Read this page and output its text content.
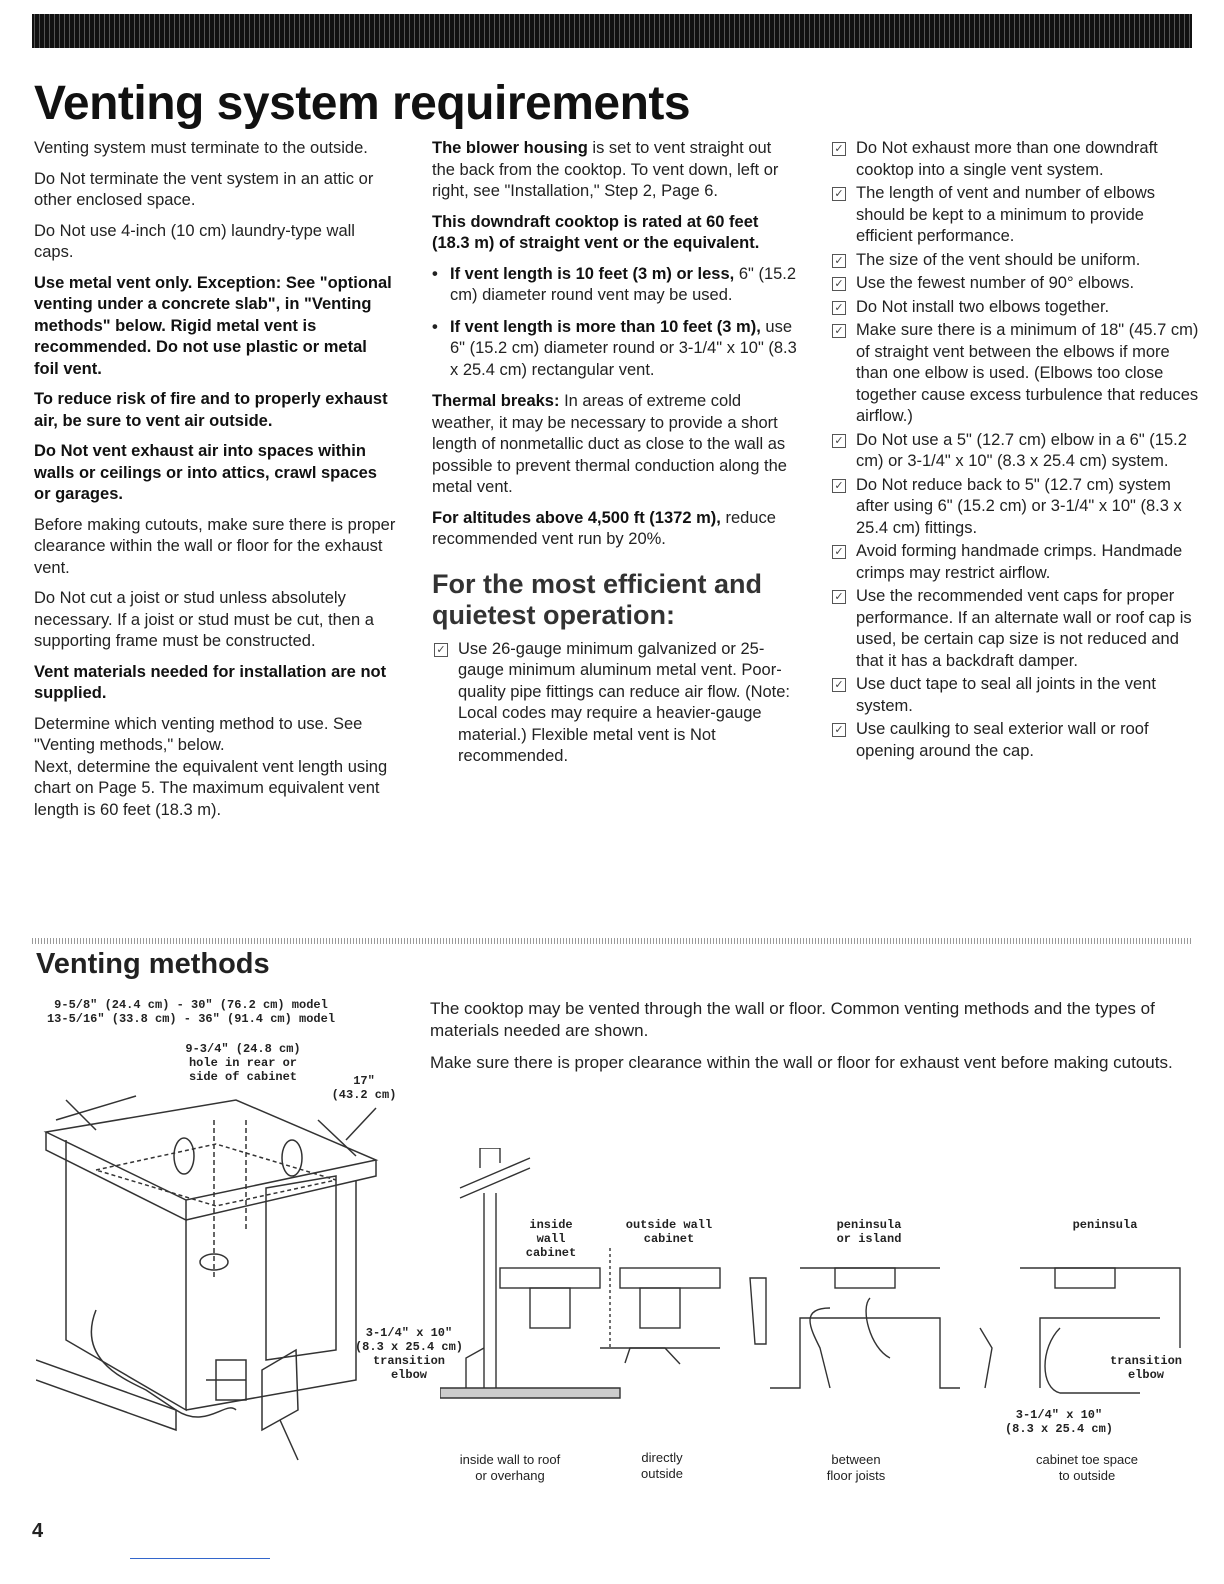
Venting system requirements

Venting system must terminate to the outside.

Do Not terminate the vent system in an attic or other enclosed space.

Do Not use 4-inch (10 cm) laundry-type wall caps.

Use metal vent only. Exception: See "optional venting under a concrete slab", in "Venting methods" below. Rigid metal vent is recommended. Do not use plastic or metal foil vent.

To reduce risk of fire and to properly exhaust air, be sure to vent air outside.

Do Not vent exhaust air into spaces within walls or ceilings or into attics, crawl spaces or garages.

Before making cutouts, make sure there is proper clearance within the wall or floor for the exhaust vent.

Do Not cut a joist or stud unless absolutely necessary. If a joist or stud must be cut, then a supporting frame must be constructed.

Vent materials needed for installation are not supplied.

Determine which venting method to use. See "Venting methods," below.

Next, determine the equivalent vent length using chart on Page 5. The maximum equivalent vent length is 60 feet (18.3 m).

The blower housing is set to vent straight out the back from the cooktop. To vent down, left or right, see "Installation," Step 2, Page 6.

This downdraft cooktop is rated at 60 feet (18.3 m) of straight vent or the equivalent.

• If vent length is 10 feet (3 m) or less, 6" (15.2 cm) diameter round vent may be used.
• If vent length is more than 10 feet (3 m), use 6" (15.2 cm) diameter round or 3-1/4" x 10" (8.3 x 25.4 cm) rectangular vent.

Thermal breaks: In areas of extreme cold weather, it may be necessary to provide a short length of nonmetallic duct as close to the wall as possible to prevent thermal conduction along the metal vent.

For altitudes above 4,500 ft (1372 m), reduce recommended vent run by 20%.

For the most efficient and quietest operation:
✓ Use 26-gauge minimum galvanized or 25-gauge minimum aluminum metal vent. Poor-quality pipe fittings can reduce air flow. (Note: Local codes may require a heavier-gauge material.) Flexible metal vent is Not recommended.
✓ Do Not exhaust more than one downdraft cooktop into a single vent system.
✓ The length of vent and number of elbows should be kept to a minimum to provide efficient performance.
✓ The size of the vent should be uniform.
✓ Use the fewest number of 90° elbows.
✓ Do Not install two elbows together.
✓ Make sure there is a minimum of 18" (45.7 cm) of straight vent between the elbows if more than one elbow is used. (Elbows too close together cause excess turbulence that reduces airflow.)
✓ Do Not use a 5" (12.7 cm) elbow in a 6" (15.2 cm) or 3-1/4" x 10" (8.3 x 25.4 cm) system.
✓ Do Not reduce back to 5" (12.7 cm) system after using 6" (15.2 cm) or 3-1/4" x 10" (8.3 x 25.4 cm) fittings.
✓ Avoid forming handmade crimps. Handmade crimps may restrict airflow.
✓ Use the recommended vent caps for proper performance. If an alternate wall or roof cap is used, be certain cap size is not reduced and that it has a backdraft damper.
✓ Use duct tape to seal all joints in the vent system.
✓ Use caulking to seal exterior wall or roof opening around the cap.
Venting methods

The cooktop may be vented through the wall or floor. Common venting methods and the types of materials needed are shown.

Make sure there is proper clearance within the wall or floor for exhaust vent before making cutouts.

9-5/8" (24.4 cm) - 30" (76.2 cm) model
13-5/16" (33.8 cm) - 36" (91.4 cm) model
9-3/4" (24.8 cm)
hole in rear or
side of cabinet	17"
(43.2 cm)
inside wall
cabinet
outside wall
cabinet
peninsula
or island
peninsula
3-1/4" x 10"
(8.3 x 25.4 cm)
transition
elbow
transition
elbow
3-1/4" x 10"
(8.3 x 25.4 cm)
inside wall to roof
or overhang
directly
outside
between
floor joists
cabinet toe space
to outside
4
